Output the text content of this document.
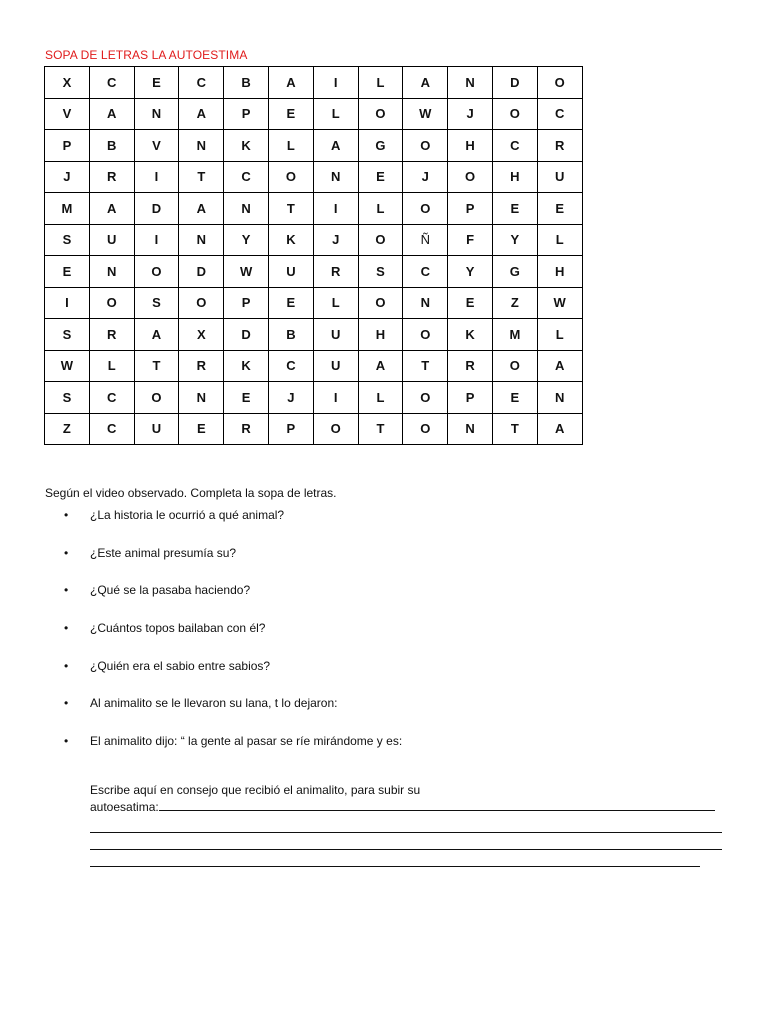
SOPA DE LETRAS LA AUTOESTIMA
X	C	E	C	B	A	I	L	A	N	D	O
V	A	N	A	P	E	L	O	W	J	O	C
P	B	V	N	K	L	A	G	O	H	C	R
J	R	I	T	C	O	N	E	J	O	H	U
M	A	D	A	N	T	I	L	O	P	E	E
S	U	I	N	Y	K	J	O	Ñ	F	Y	L
E	N	O	D	W	U	R	S	C	Y	G	H
I	O	S	O	P	E	L	O	N	E	Z	W
S	R	A	X	D	B	U	H	O	K	M	L
W	L	T	R	K	C	U	A	T	R	O	A
S	C	O	N	E	J	I	L	O	P	E	N
Z	C	U	E	R	P	O	T	O	N	T	A
Según el video observado. Completa la sopa de letras.
• ¿La historia le ocurrió a qué animal?
• ¿Este animal presumía su?
• ¿Qué se la pasaba haciendo?
• ¿Cuántos topos bailaban con él?
• ¿Quién era el sabio entre sabios?
• Al animalito se le llevaron su lana, t lo dejaron:
• El animalito dijo: “ la gente al pasar se ríe mirándome y es:
Escribe aquí en consejo que recibió el animalito, para subir su
autoesatima:
